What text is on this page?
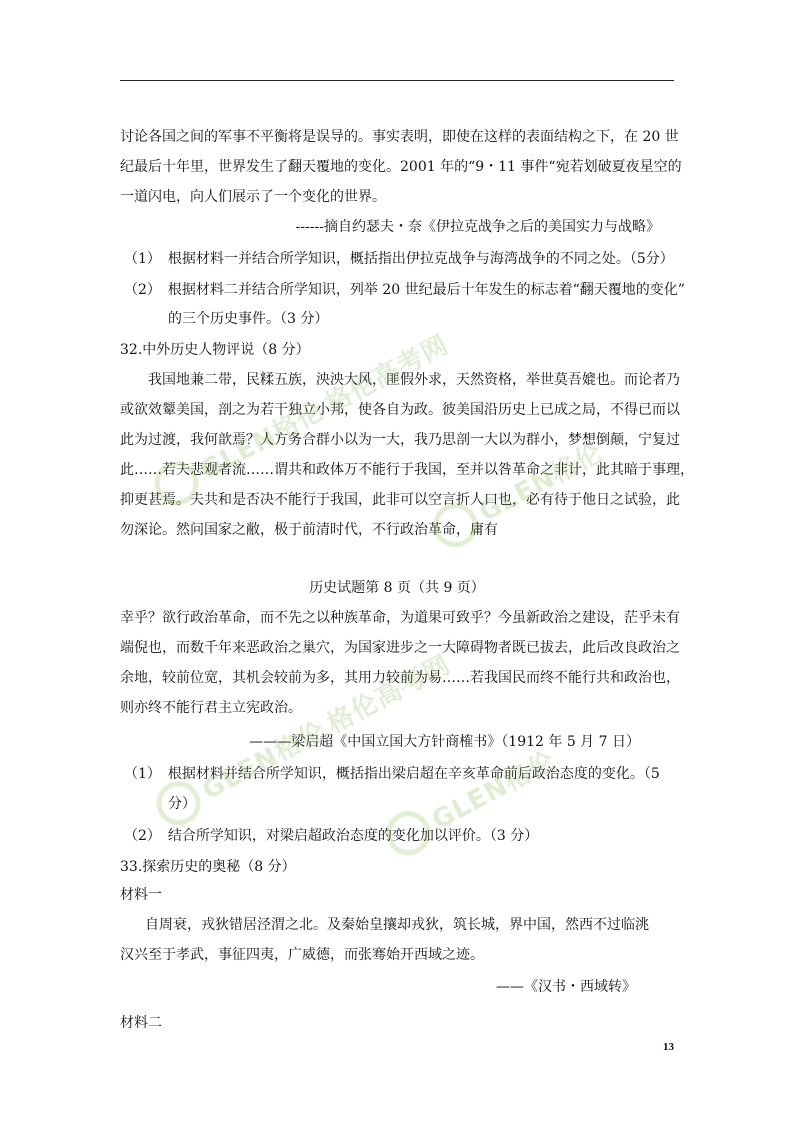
讨论各国之间的军事不平衡将是误导的。事实表明，即使在这样的表面结构之下，在 20 世
纪最后十年里，世界发生了翻天覆地的变化。2001 年的“9・11 事件“宛若划破夏夜星空的
一道闪电，向人们展示了一个变化的世界。
------摘自约瑟夫・奈《伊拉克战争之后的美国实力与战略》
（1）　根据材料一并结合所学知识，概括指出伊拉克战争与海湾战争的不同之处。（5分）
（2）　根据材料二并结合所学知识，列举 20 世纪最后十年发生的标志着“翻天覆地的变化”
的三个历史事件。（3 分）
32.中外历史人物评说（8 分）
我国地兼二带，民糅五族，泱泱大风，匪假外求，天然资格，举世莫吾媲也。而论者乃
或欲效颦美国，剖之为若干独立小邦，使各自为政。彼美国沿历史上已成之局，不得已而以
此为过渡，我何歆焉？人方务合群小以为一大，我乃思剖一大以为群小，梦想倒颠，宁复过
此……若夫悲观者流……谓共和政体万不能行于我国，至并以咎革命之非计，此其暗于事理，
抑更甚焉。夫共和是否决不能行于我国，此非可以空言折人口也，必有待于他日之试验，此
勿深论。然问国家之敝，极于前清时代，不行政治革命，庸有
历史试题第 8 页（共 9 页）
幸乎？欲行政治革命，而不先之以种族革命，为道果可致乎？今虽新政治之建设，茫乎未有
端倪也，而数千年来恶政治之巢穴，为国家进步之一大障碍物者既已拔去，此后改良政治之
余地，较前位宽，其机会较前为多，其用力较前为易……若我国民而终不能行共和政治也，
则亦终不能行君主立宪政治。
———梁启超《中国立国大方针商榷书》（1912 年 5 月 7 日）
（1）　根据材料并结合所学知识，概括指出梁启超在辛亥革命前后政治态度的变化。（5
分）
（2）　结合所学知识，对梁启超政治态度的变化加以评价。（3 分）
33.探索历史的奥秘（8 分）
材料一
自周衰，戎狄错居泾渭之北。及秦始皇攘却戎狄，筑长城，界中国，然西不过临洮
汉兴至于孝武，事征四夷，广威德，而张骞始开西域之迹。
——《汉书・西域转》
材料二
13
GLEN格伦格伦高考网
GLEN格伦
GLEN格伦格伦高考网
GLEN格伦
